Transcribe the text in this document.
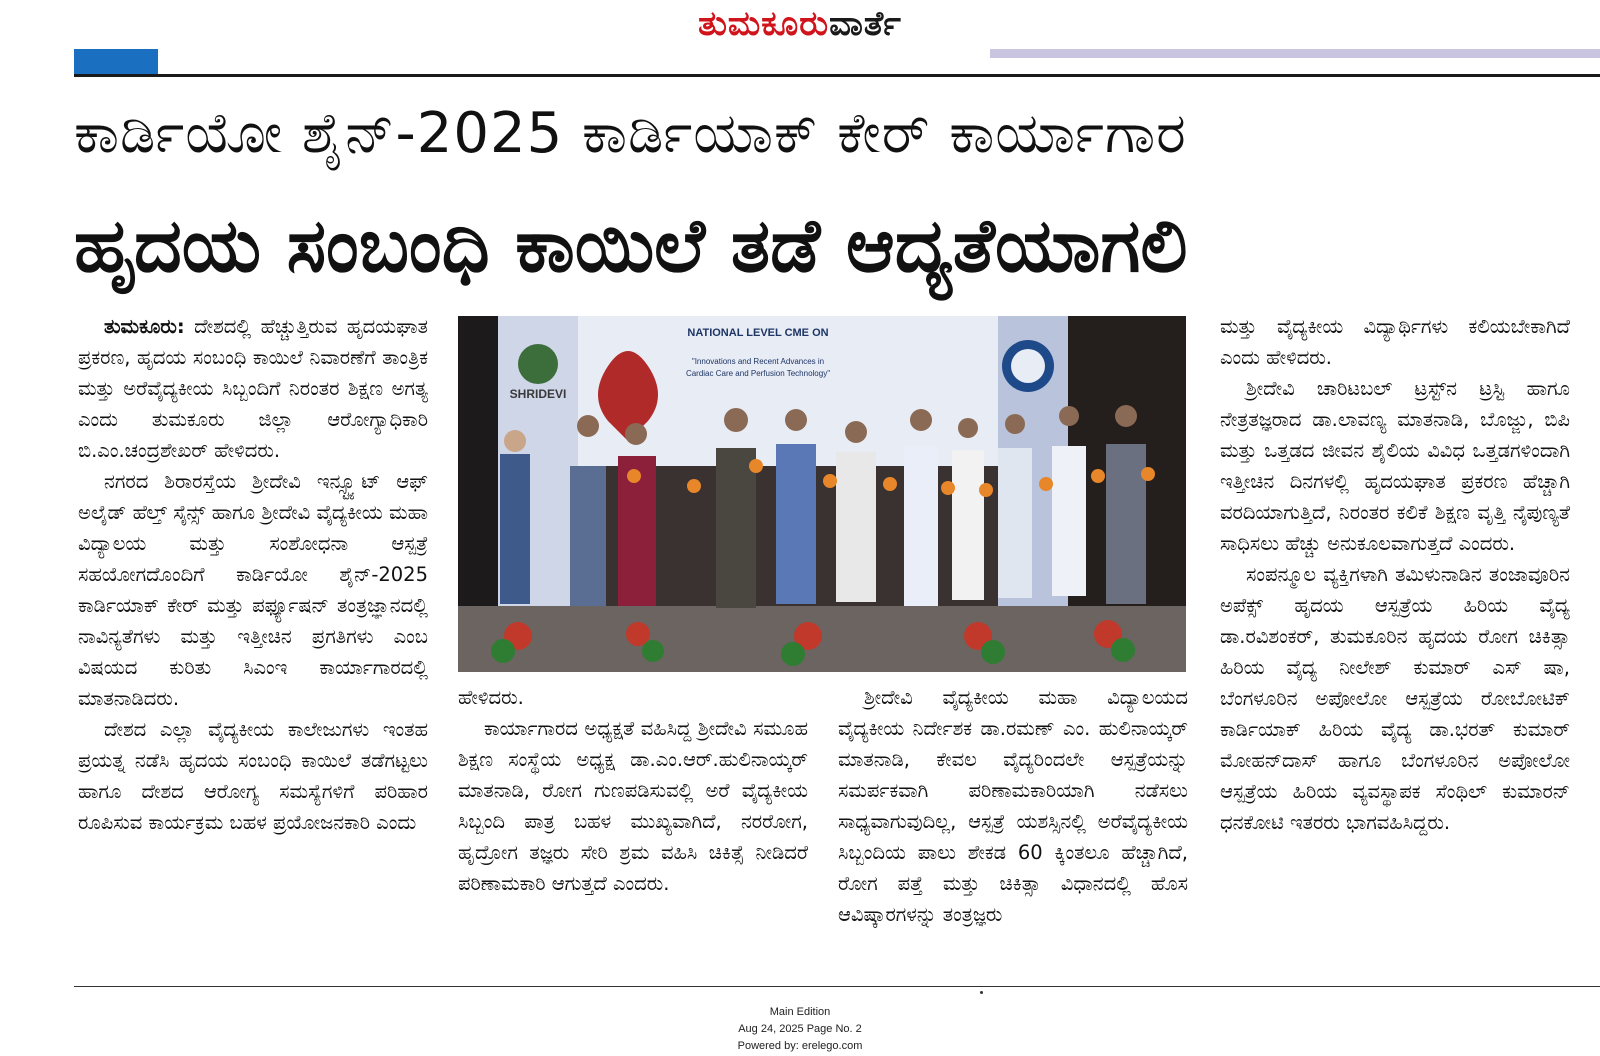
ತುಮಕೂರುವಾರ್ತೆ
ಕಾರ್ಡಿಯೋ ಶೈನ್-2025 ಕಾರ್ಡಿಯಾಕ್ ಕೇರ್ ಕಾರ್ಯಾಗಾರ
ಹೃದಯ ಸಂಬಂಧಿ ಕಾಯಿಲೆ ತಡೆ ಆದ್ಯತೆಯಾಗಲಿ

ತುಮಕೂರು: ದೇಶದಲ್ಲಿ ಹೆಚ್ಚುತ್ತಿರುವ ಹೃದಯಘಾತ ಪ್ರಕರಣ, ಹೃದಯ ಸಂಬಂಧಿ ಕಾಯಿಲೆ ನಿವಾರಣೆಗೆ ತಾಂತ್ರಿಕ ಮತ್ತು ಅರೆವೈದ್ಯಕೀಯ ಸಿಬ್ಬಂದಿಗೆ ನಿರಂತರ ಶಿಕ್ಷಣ ಅಗತ್ಯ ಎಂದು ತುಮಕೂರು ಜಿಲ್ಲಾ ಆರೋಗ್ಯಾಧಿಕಾರಿ ಬಿ.ಎಂ.ಚಂದ್ರಶೇಖರ್ ಹೇಳಿದರು.

ನಗರದ ಶಿರಾರಸ್ತೆಯ ಶ್ರೀದೇವಿ ಇನ್ಸ್ಟ್ಯೂಟ್ ಆಫ್ ಅಲೈಡ್ ಹೆಲ್ತ್ ಸೈನ್ಸ್ ಹಾಗೂ ಶ್ರೀದೇವಿ ವೈದ್ಯಕೀಯ ಮಹಾ ವಿದ್ಯಾಲಯ ಮತ್ತು ಸಂಶೋಧನಾ ಆಸ್ಪತ್ರೆ ಸಹಯೋಗದೊಂದಿಗೆ ಕಾರ್ಡಿಯೋ ಶೈನ್-2025 ಕಾರ್ಡಿಯಾಕ್ ಕೇರ್ ಮತ್ತು ಪರ್ಫ್ಯೂಷನ್ ತಂತ್ರಜ್ಞಾನದಲ್ಲಿ ನಾವಿನ್ಯತೆಗಳು ಮತ್ತು ಇತ್ತೀಚಿನ ಪ್ರಗತಿಗಳು ಎಂಬ ವಿಷಯದ ಕುರಿತು ಸಿಎಂಇ ಕಾರ್ಯಾಗಾರದಲ್ಲಿ ಮಾತನಾಡಿದರು.

ದೇಶದ ಎಲ್ಲಾ ವೈದ್ಯಕೀಯ ಕಾಲೇಜುಗಳು ಇಂತಹ ಪ್ರಯತ್ನ ನಡೆಸಿ ಹೃದಯ ಸಂಬಂಧಿ ಕಾಯಿಲೆ ತಡೆಗಟ್ಟಲು ಹಾಗೂ ದೇಶದ ಆರೋಗ್ಯ ಸಮಸ್ಯೆಗಳಿಗೆ ಪರಿಹಾರ ರೂಪಿಸುವ ಕಾರ್ಯಕ್ರಮ ಬಹಳ ಪ್ರಯೋಜನಕಾರಿ ಎಂದು

SHRIDEVI
NATIONAL LEVEL CME ON
"Innovations and Recent Advances in
Cardiac Care and Perfusion Technology"

ಹೇಳಿದರು.

ಕಾರ್ಯಾಗಾರದ ಅಧ್ಯಕ್ಷತೆ ವಹಿಸಿದ್ದ ಶ್ರೀದೇವಿ ಸಮೂಹ ಶಿಕ್ಷಣ ಸಂಸ್ಥೆಯ ಅಧ್ಯಕ್ಷ ಡಾ.ಎಂ.ಆರ್.ಹುಲಿನಾಯ್ಕರ್ ಮಾತನಾಡಿ, ರೋಗ ಗುಣಪಡಿಸುವಲ್ಲಿ ಅರೆ ವೈದ್ಯಕೀಯ ಸಿಬ್ಬಂದಿ ಪಾತ್ರ ಬಹಳ ಮುಖ್ಯವಾಗಿದೆ, ನರರೋಗ, ಹೃದ್ರೋಗ ತಜ್ಞರು ಸೇರಿ ಶ್ರಮ ವಹಿಸಿ ಚಿಕಿತ್ಸೆ ನೀಡಿದರೆ ಪರಿಣಾಮಕಾರಿ ಆಗುತ್ತದೆ ಎಂದರು.

ಶ್ರೀದೇವಿ ವೈದ್ಯಕೀಯ ಮಹಾ ವಿದ್ಯಾಲಯದ ವೈದ್ಯಕೀಯ ನಿರ್ದೇಶಕ ಡಾ.ರಮಣ್ ಎಂ. ಹುಲಿನಾಯ್ಕರ್ ಮಾತನಾಡಿ, ಕೇವಲ ವೈದ್ಯರಿಂದಲೇ ಆಸ್ಪತ್ರೆಯನ್ನು ಸಮರ್ಪಕವಾಗಿ ಪರಿಣಾಮಕಾರಿಯಾಗಿ ನಡೆಸಲು ಸಾಧ್ಯವಾಗುವುದಿಲ್ಲ, ಆಸ್ಪತ್ರೆ ಯಶಸ್ಸಿನಲ್ಲಿ ಅರೆವೈದ್ಯಕೀಯ ಸಿಬ್ಬಂದಿಯ ಪಾಲು ಶೇಕಡ 60 ಕ್ಕಿಂತಲೂ ಹೆಚ್ಚಾಗಿದೆ, ರೋಗ ಪತ್ತೆ ಮತ್ತು ಚಿಕಿತ್ಸಾ ವಿಧಾನದಲ್ಲಿ ಹೊಸ ಆವಿಷ್ಕಾರಗಳನ್ನು ತಂತ್ರಜ್ಞರು

ಮತ್ತು ವೈದ್ಯಕೀಯ ವಿದ್ಯಾರ್ಥಿಗಳು ಕಲಿಯಬೇಕಾಗಿದೆ ಎಂದು ಹೇಳಿದರು.

ಶ್ರೀದೇವಿ ಚಾರಿಟಬಲ್ ಟ್ರಸ್ಟ್‌ನ ಟ್ರಸ್ಟಿ ಹಾಗೂ ನೇತ್ರತಜ್ಞರಾದ ಡಾ.ಲಾವಣ್ಯ ಮಾತನಾಡಿ, ಬೊಜ್ಜು, ಬಿಪಿ ಮತ್ತು ಒತ್ತಡದ ಜೀವನ ಶೈಲಿಯ ವಿವಿಧ ಒತ್ತಡಗಳಿಂದಾಗಿ ಇತ್ತೀಚಿನ ದಿನಗಳಲ್ಲಿ ಹೃದಯಘಾತ ಪ್ರಕರಣ ಹೆಚ್ಚಾಗಿ ವರದಿಯಾಗುತ್ತಿದೆ, ನಿರಂತರ ಕಲಿಕೆ ಶಿಕ್ಷಣ ವೃತ್ತಿ ನೈಪುಣ್ಯತೆ ಸಾಧಿಸಲು ಹೆಚ್ಚು ಅನುಕೂಲವಾಗುತ್ತದೆ ಎಂದರು.

ಸಂಪನ್ಮೂಲ ವ್ಯಕ್ತಿಗಳಾಗಿ ತಮಿಳುನಾಡಿನ ತಂಜಾವೂರಿನ ಅಪೆಕ್ಸ್ ಹೃದಯ ಆಸ್ಪತ್ರೆಯ ಹಿರಿಯ ವೈದ್ಯ ಡಾ.ರವಿಶಂಕರ್, ತುಮಕೂರಿನ ಹೃದಯ ರೋಗ ಚಿಕಿತ್ಸಾ ಹಿರಿಯ ವೈದ್ಯ ನೀಲೇಶ್ ಕುಮಾರ್ ಎಸ್ ಷಾ, ಬೆಂಗಳೂರಿನ ಅಪೋಲೋ ಆಸ್ಪತ್ರೆಯ ರೋಬೋಟಿಕ್ ಕಾರ್ಡಿಯಾಕ್ ಹಿರಿಯ ವೈದ್ಯ ಡಾ.ಭರತ್ ಕುಮಾರ್ ಮೋಹನ್‌ದಾಸ್ ಹಾಗೂ ಬೆಂಗಳೂರಿನ ಅಪೋಲೋ ಆಸ್ಪತ್ರೆಯ ಹಿರಿಯ ವ್ಯವಸ್ಥಾಪಕ ಸೆಂಥಿಲ್ ಕುಮಾರನ್ ಧನಕೋಟಿ ಇತರರು ಭಾಗವಹಿಸಿದ್ದರು.

Main Edition
Aug 24, 2025 Page No. 2
Powered by: erelego.com
